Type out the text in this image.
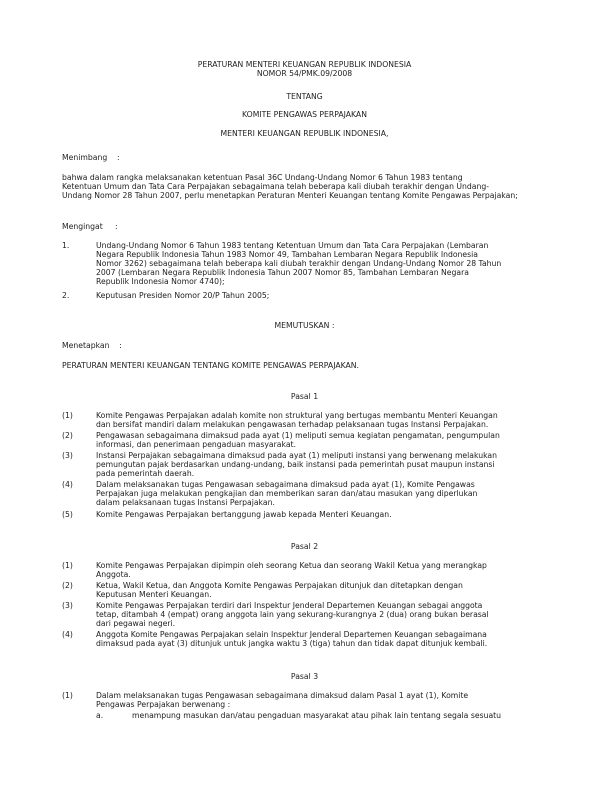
PERATURAN MENTERI KEUANGAN REPUBLIK INDONESIA
NOMOR 54/PMK.09/2008
TENTANG
KOMITE PENGAWAS PERPAJAKAN
MENTERI KEUANGAN REPUBLIK INDONESIA,
Menimbang    :
bahwa dalam rangka melaksanakan ketentuan Pasal 36C Undang-Undang Nomor 6 Tahun 1983 tentang
Ketentuan Umum dan Tata Cara Perpajakan sebagaimana telah beberapa kali diubah terakhir dengan Undang-
Undang Nomor 28 Tahun 2007, perlu menetapkan Peraturan Menteri Keuangan tentang Komite Pengawas Perpajakan;
Mengingat     :
1.	Undang-Undang Nomor 6 Tahun 1983 tentang Ketentuan Umum dan Tata Cara Perpajakan (Lembaran
Negara Republik Indonesia Tahun 1983 Nomor 49, Tambahan Lembaran Negara Republik Indonesia
Nomor 3262) sebagaimana telah beberapa kali diubah terakhir dengan Undang-Undang Nomor 28 Tahun
2007 (Lembaran Negara Republik Indonesia Tahun 2007 Nomor 85, Tambahan Lembaran Negara
Republik Indonesia Nomor 4740);
2.	Keputusan Presiden Nomor 20/P Tahun 2005;
MEMUTUSKAN :
Menetapkan    :
PERATURAN MENTERI KEUANGAN TENTANG KOMITE PENGAWAS PERPAJAKAN.
Pasal 1
(1)	Komite Pengawas Perpajakan adalah komite non struktural yang bertugas membantu Menteri Keuangan
dan bersifat mandiri dalam melakukan pengawasan terhadap pelaksanaan tugas Instansi Perpajakan.
(2)	Pengawasan sebagaimana dimaksud pada ayat (1) meliputi semua kegiatan pengamatan, pengumpulan
informasi, dan penerimaan pengaduan masyarakat.
(3)	Instansi Perpajakan sebagaimana dimaksud pada ayat (1) meliputi instansi yang berwenang melakukan
pemungutan pajak berdasarkan undang-undang, baik instansi pada pemerintah pusat maupun instansi
pada pemerintah daerah.
(4)	Dalam melaksanakan tugas Pengawasan sebagaimana dimaksud pada ayat (1), Komite Pengawas
Perpajakan juga melakukan pengkajian dan memberikan saran dan/atau masukan yang diperlukan
dalam pelaksanaan tugas Instansi Perpajakan.
(5)	Komite Pengawas Perpajakan bertanggung jawab kepada Menteri Keuangan.
Pasal 2
(1)	Komite Pengawas Perpajakan dipimpin oleh seorang Ketua dan seorang Wakil Ketua yang merangkap
Anggota.
(2)	Ketua, Wakil Ketua, dan Anggota Komite Pengawas Perpajakan ditunjuk dan ditetapkan dengan
Keputusan Menteri Keuangan.
(3)	Komite Pengawas Perpajakan terdiri dari Inspektur Jenderal Departemen Keuangan sebagai anggota
tetap, ditambah 4 (empat) orang anggota lain yang sekurang-kurangnya 2 (dua) orang bukan berasal
dari pegawai negeri.
(4)	Anggota Komite Pengawas Perpajakan selain Inspektur Jenderal Departemen Keuangan sebagaimana
dimaksud pada ayat (3) ditunjuk untuk jangka waktu 3 (tiga) tahun dan tidak dapat ditunjuk kembali.
Pasal 3
(1)	Dalam melaksanakan tugas Pengawasan sebagaimana dimaksud dalam Pasal 1 ayat (1), Komite
Pengawas Perpajakan berwenang :
a.	menampung masukan dan/atau pengaduan masyarakat atau pihak lain tentang segala sesuatu
